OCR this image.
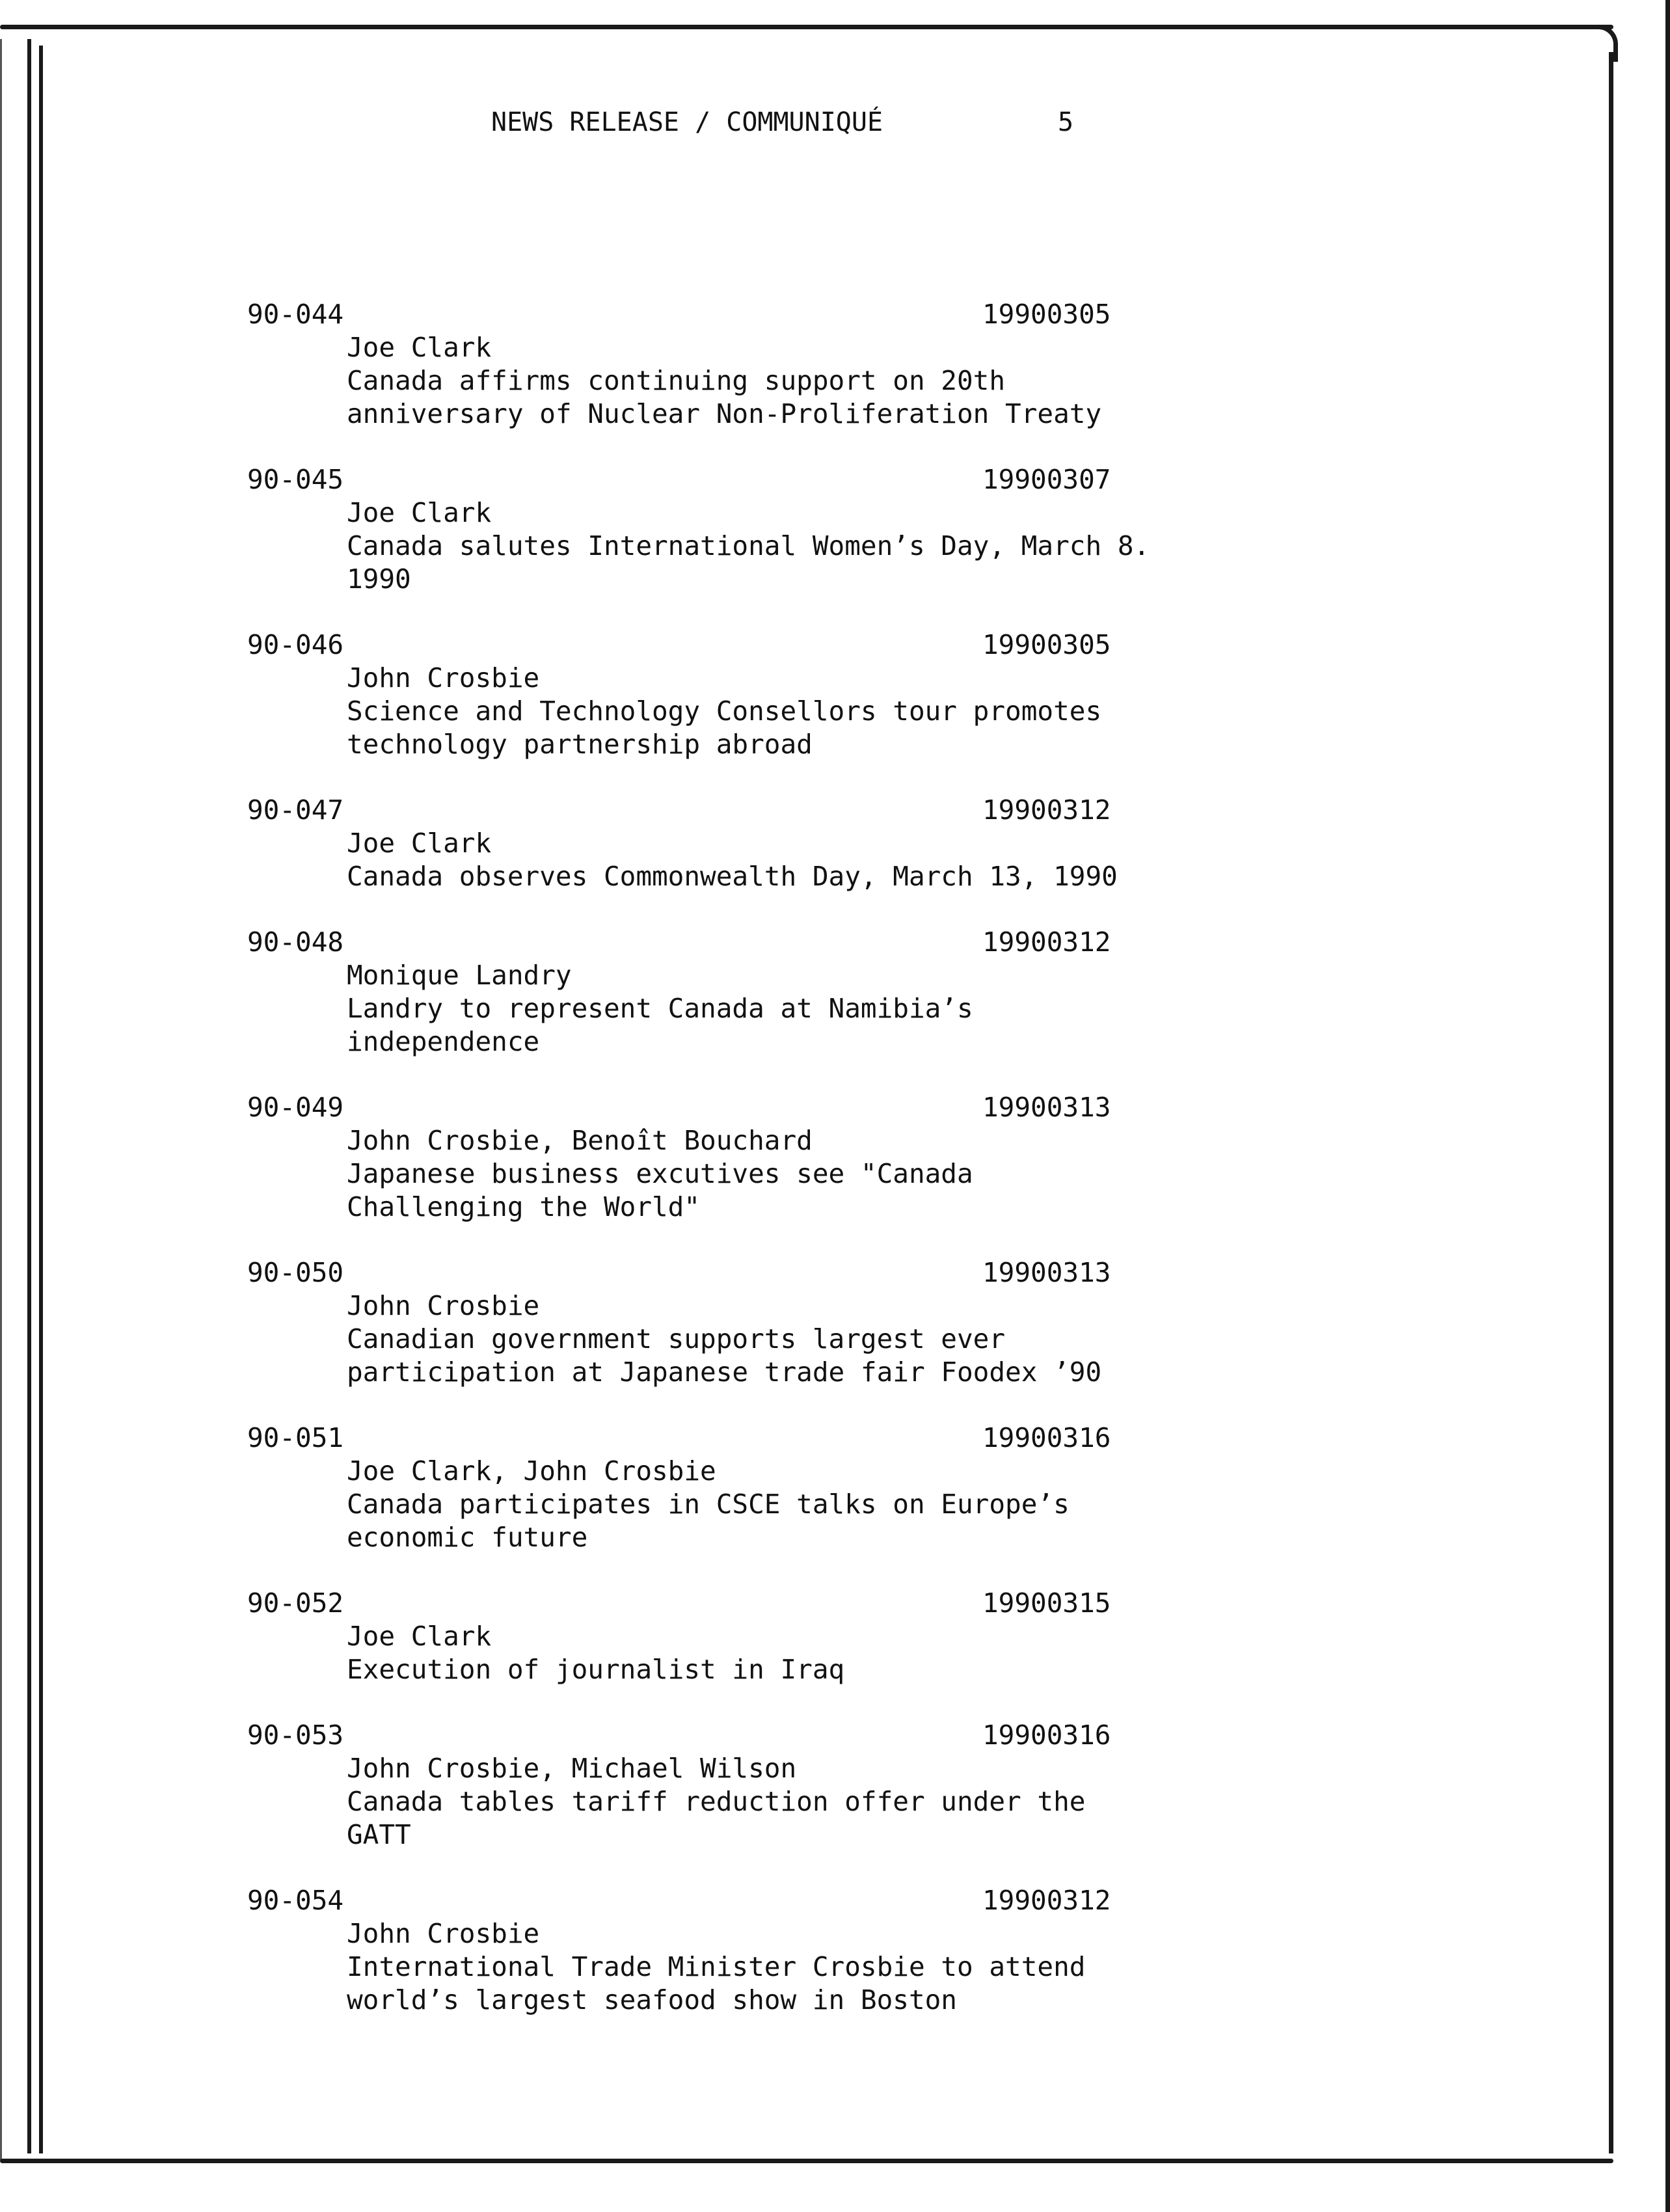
NEWS RELEASE / COMMUNIQUÉ	5
90-044	19900305
Joe Clark
Canada affirms continuing support on 20th
anniversary of Nuclear Non-Proliferation Treaty
90-045	19900307
Joe Clark
Canada salutes International Women’s Day, March 8.
1990
90-046	19900305
John Crosbie
Science and Technology Consellors tour promotes
technology partnership abroad
90-047	19900312
Joe Clark
Canada observes Commonwealth Day, March 13, 1990
90-048	19900312
Monique Landry
Landry to represent Canada at Namibia’s
independence
90-049	19900313
John Crosbie, Benoît Bouchard
Japanese business excutives see "Canada
Challenging the World"
90-050	19900313
John Crosbie
Canadian government supports largest ever
participation at Japanese trade fair Foodex ’90
90-051	19900316
Joe Clark, John Crosbie
Canada participates in CSCE talks on Europe’s
economic future
90-052	19900315
Joe Clark
Execution of journalist in Iraq
90-053	19900316
John Crosbie, Michael Wilson
Canada tables tariff reduction offer under the
GATT
90-054	19900312
John Crosbie
International Trade Minister Crosbie to attend
world’s largest seafood show in Boston
